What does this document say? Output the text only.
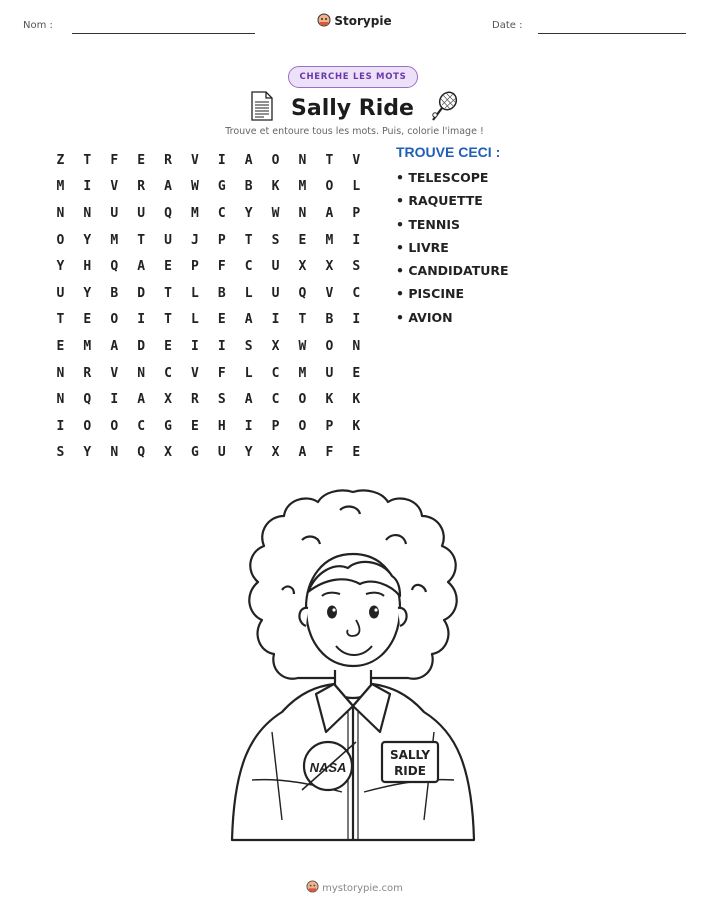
Nom :	Storypie	Date :
CHERCHE LES MOTS
Sally Ride
Trouve et entoure tous les mots. Puis, colorie l'image !
Z	T	F	E	R	V	I	A	O	N	T	V
M	I	V	R	A	W	G	B	K	M	O	L
N	N	U	U	Q	M	C	Y	W	N	A	P
O	Y	M	T	U	J	P	T	S	E	M	I
Y	H	Q	A	E	P	F	C	U	X	X	S
U	Y	B	D	T	L	B	L	U	Q	V	C
T	E	O	I	T	L	E	A	I	T	B	I
E	M	A	D	E	I	I	S	X	W	O	N
N	R	V	N	C	V	F	L	C	M	U	E
N	Q	I	A	X	R	S	A	C	O	K	K
I	O	O	C	G	E	H	I	P	O	P	K
S	Y	N	Q	X	G	U	Y	X	A	F	E
TROUVE CECI :
• TELESCOPE
• RAQUETTE
• TENNIS
• LIVRE
• CANDIDATURE
• PISCINE
• AVION
NASA
SALLY
RIDE
mystorypie.com
